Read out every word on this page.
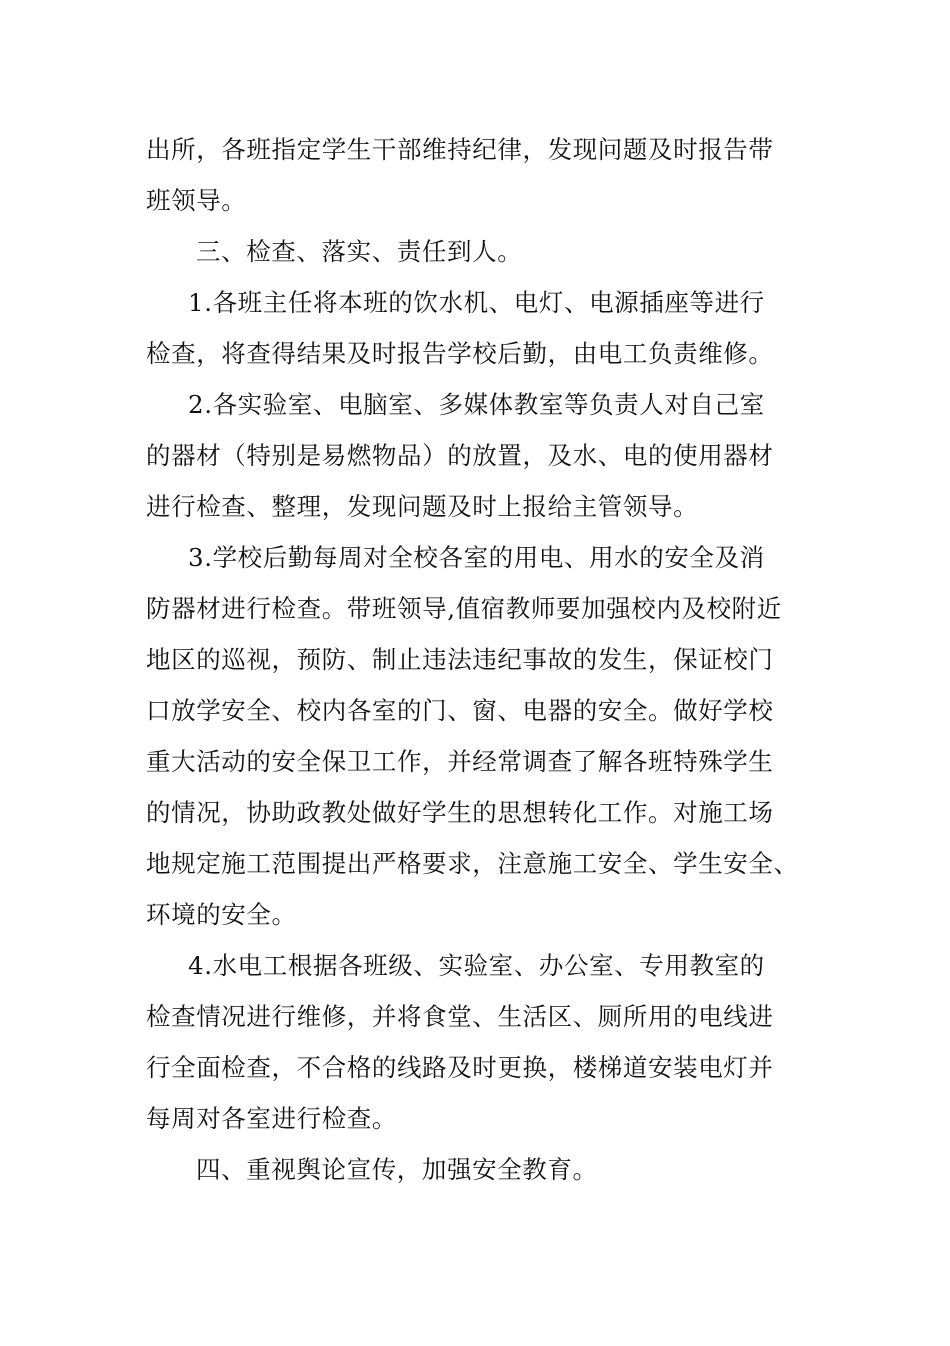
出所，各班指定学生干部维持纪律，发现问题及时报告带
班领导。
三、检查、落实、责任到人。
1.各班主任将本班的饮水机、电灯、电源插座等进行
检查，将查得结果及时报告学校后勤，由电工负责维修。
2.各实验室、电脑室、多媒体教室等负责人对自己室
的器材（特别是易燃物品）的放置，及水、电的使用器材
进行检查、整理，发现问题及时上报给主管领导。
3.学校后勤每周对全校各室的用电、用水的安全及消
防器材进行检查。带班领导,值宿教师要加强校内及校附近
地区的巡视，预防、制止违法违纪事故的发生，保证校门
口放学安全、校内各室的门、窗、电器的安全。做好学校
重大活动的安全保卫工作，并经常调查了解各班特殊学生
的情况，协助政教处做好学生的思想转化工作。对施工场
地规定施工范围提出严格要求，注意施工安全、学生安全、
环境的安全。
4.水电工根据各班级、实验室、办公室、专用教室的
检查情况进行维修，并将食堂、生活区、厕所用的电线进
行全面检查，不合格的线路及时更换，楼梯道安装电灯并
每周对各室进行检查。
四、重视舆论宣传，加强安全教育。
